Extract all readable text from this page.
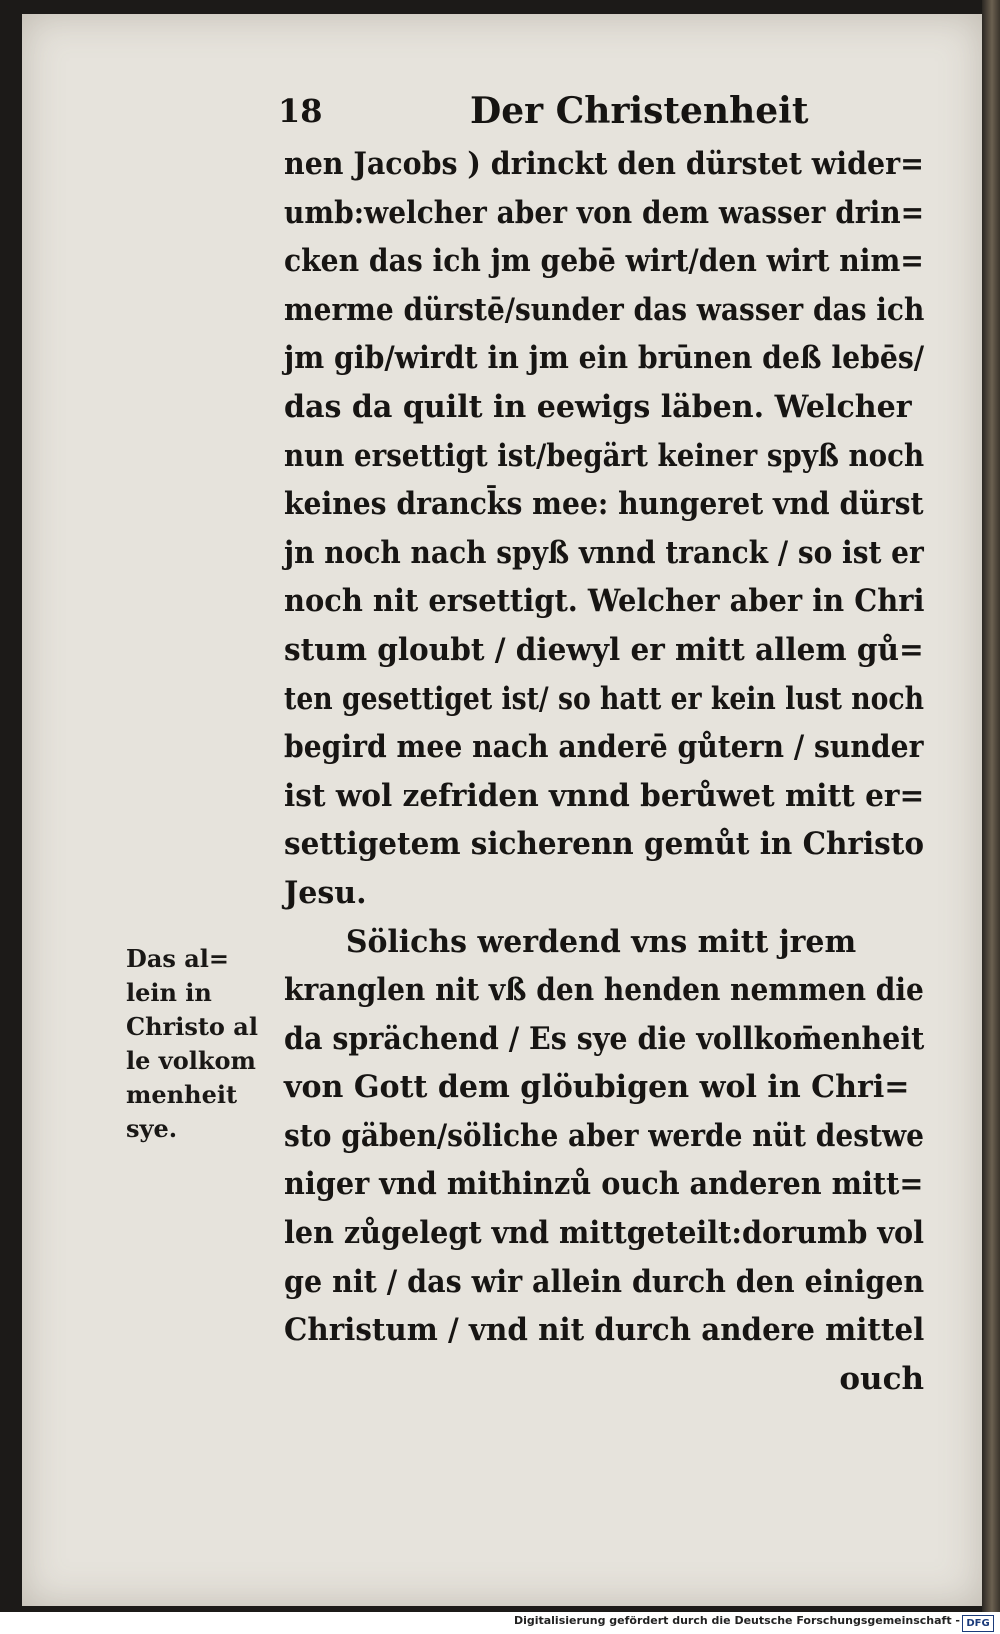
18	Der Christenheit
nen Jacobs ) drinckt den dürstet wider=
umb:welcher aber von dem wasser drin=
cken das ich jm gebē wirt/den wirt nim=
merme dürstē/sunder das wasser das ich
jm gib/wirdt in jm ein brūnen deß lebēs/
das da quilt in eewigs läben. Welcher
nun ersettigt ist/begärt keiner spyß noch
keines dranck̄s mee: hungeret vnd dürst
jn noch nach spyß vnnd tranck / so ist er
noch nit ersettigt. Welcher aber in Chri
stum gloubt / diewyl er mitt allem gů=
ten gesettiget ist/ so hatt er kein lust noch
begird mee nach anderē gůtern / sunder
ist wol zefriden vnnd berůwet mitt er=
settigetem sicherenn gemůt in Christo
Jesu.
Sölichs werdend vns mitt jrem
kranglen nit vß den henden nemmen die
da sprächend / Es sye die vollkom̄enheit
von Gott dem glöubigen wol in Chri=
sto gäben/söliche aber werde nüt destwe
niger vnd mithinzů ouch anderen mitt=
len zůgelegt vnd mittgeteilt:dorumb vol
ge nit / das wir allein durch den einigen
Christum / vnd nit durch andere mittel
ouch
Das al=
lein in
Christo al
le volkom
menheit
sye.
Digitalisierung gefördert durch die Deutsche Forschungsgemeinschaft - DFG
